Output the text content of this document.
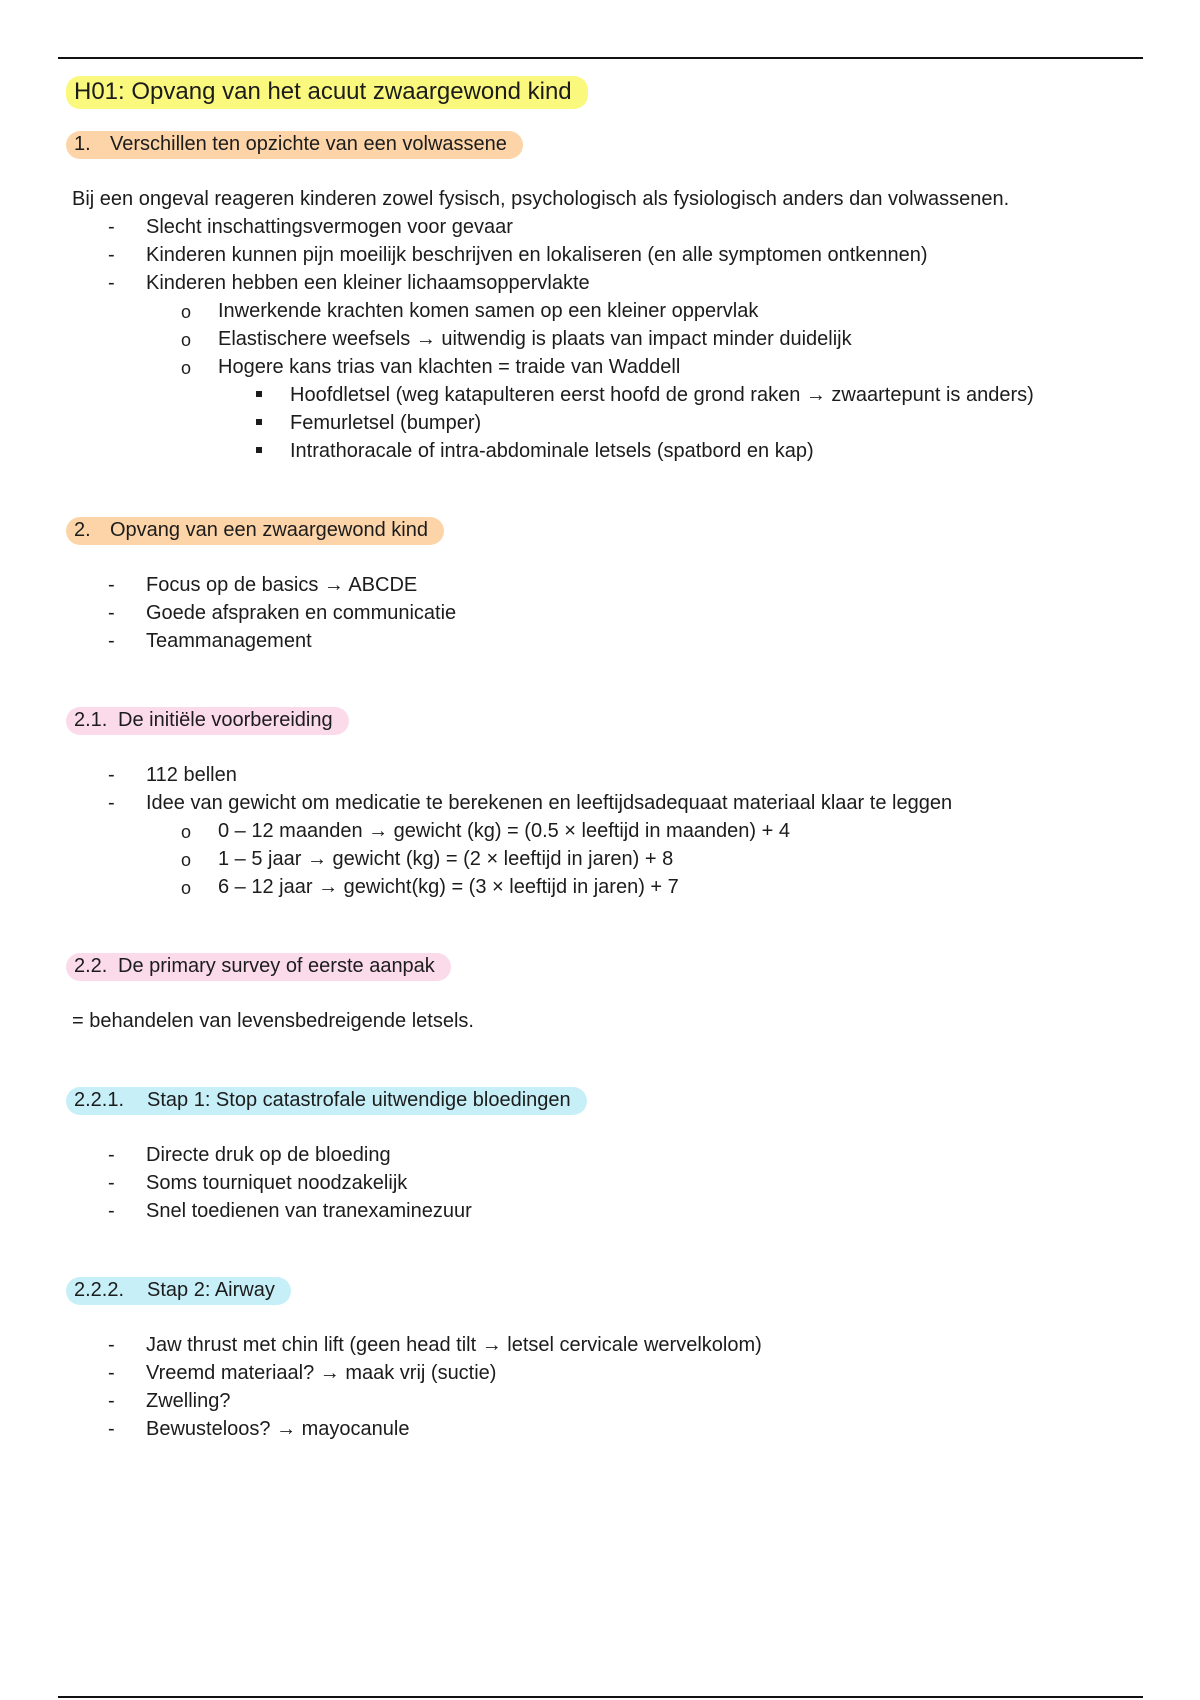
H01: Opvang van het acuut zwaargewond kind
1. Verschillen ten opzichte van een volwassene

Bij een ongeval reageren kinderen zowel fysisch, psychologisch als fysiologisch anders dan volwassenen.

- Slecht inschattingsvermogen voor gevaar
- Kinderen kunnen pijn moeilijk beschrijven en lokaliseren (en alle symptomen ontkennen)
- Kinderen hebben een kleiner lichaamsoppervlakte
o Inwerkende krachten komen samen op een kleiner oppervlak
o Elastischere weefsels → uitwendig is plaats van impact minder duidelijk
o Hogere kans trias van klachten = traide van Waddell
Hoofdletsel (weg katapulteren eerst hoofd de grond raken → zwaartepunt is anders)
Femurletsel (bumper)
Intrathoracale of intra-abdominale letsels (spatbord en kap)
2. Opvang van een zwaargewond kind
- Focus op de basics → ABCDE
- Goede afspraken en communicatie
- Teammanagement
2.1. De initiële voorbereiding
- 112 bellen
- Idee van gewicht om medicatie te berekenen en leeftijdsadequaat materiaal klaar te leggen
o 0 – 12 maanden → gewicht (kg) = (0.5 × leeftijd in maanden) + 4
o 1 – 5 jaar → gewicht (kg) = (2 × leeftijd in jaren) + 8
o 6 – 12 jaar → gewicht(kg) = (3 × leeftijd in jaren) + 7
2.2. De primary survey of eerste aanpak

= behandelen van levensbedreigende letsels.

2.2.1. Stap 1: Stop catastrofale uitwendige bloedingen
- Directe druk op de bloeding
- Soms tourniquet noodzakelijk
- Snel toedienen van tranexaminezuur
2.2.2. Stap 2: Airway
- Jaw thrust met chin lift (geen head tilt → letsel cervicale wervelkolom)
- Vreemd materiaal? → maak vrij (suctie)
- Zwelling?
- Bewusteloos? → mayocanule
